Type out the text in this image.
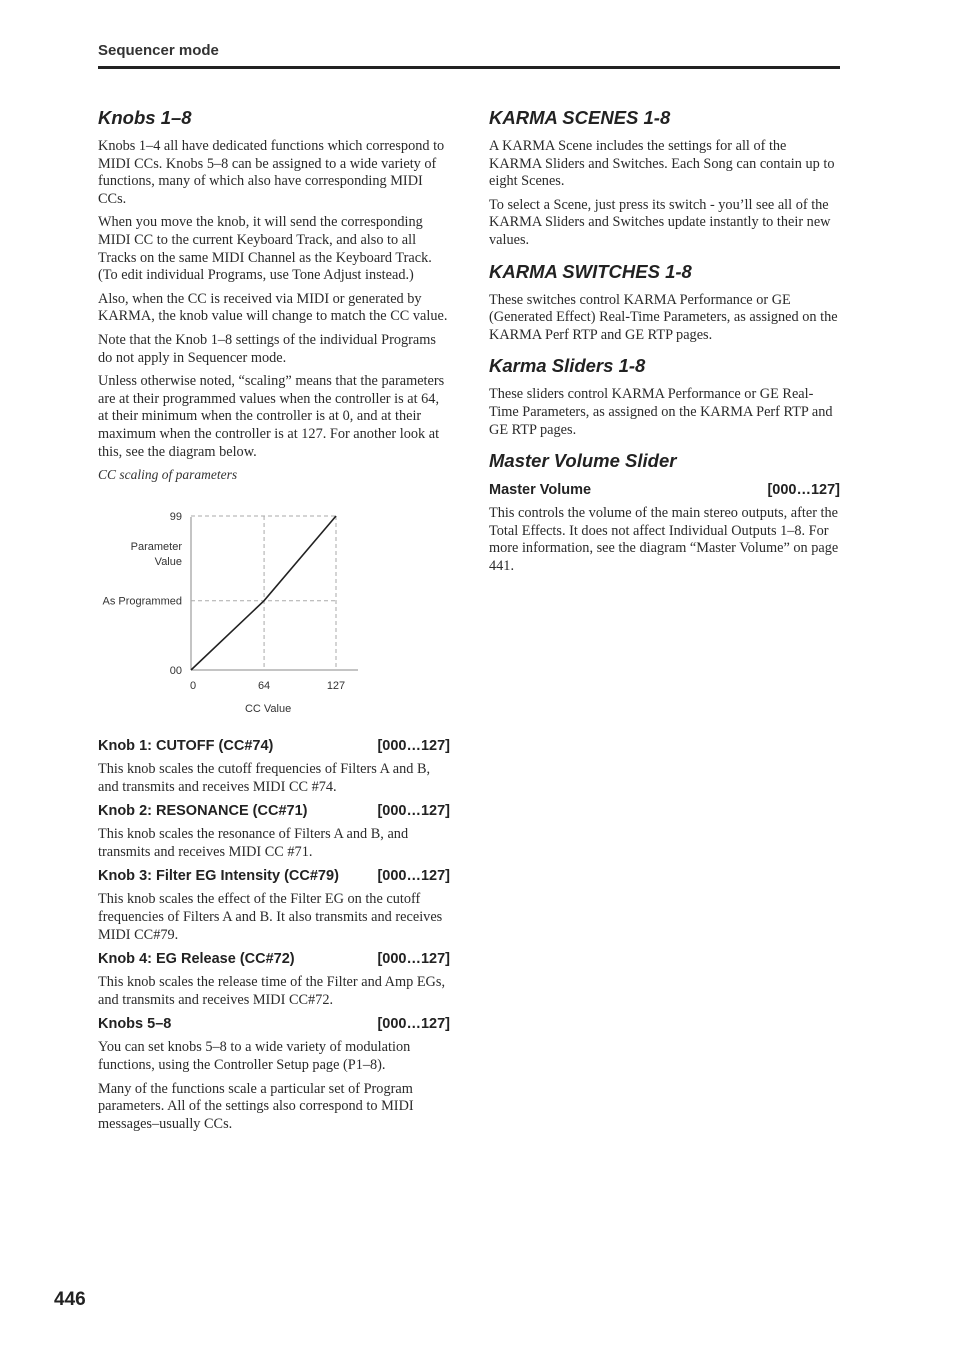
Sequencer mode
Knobs 1–8

Knobs 1–4 all have dedicated functions which correspond to MIDI CCs. Knobs 5–8 can be assigned to a wide variety of functions, many of which also have corresponding MIDI CCs.

When you move the knob, it will send the corresponding MIDI CC to the current Keyboard Track, and also to all Tracks on the same MIDI Channel as the Keyboard Track. (To edit individual Programs, use Tone Adjust instead.)

Also, when the CC is received via MIDI or generated by KARMA, the knob value will change to match the CC value.

Note that the Knob 1–8 settings of the individual Programs do not apply in Sequencer mode.

Unless otherwise noted, “scaling” means that the parameters are at their programmed values when the controller is at 64, at their minimum when the controller is at 0, and at their maximum when the controller is at 127. For another look at this, see the diagram below.

CC scaling of parameters
99
Parameter
Value
As Programmed
00
0	64	127
CC Value
Knob 1: CUTOFF (CC#74)	[000…127]

This knob scales the cutoff frequencies of Filters A and B, and transmits and receives MIDI CC #74.

Knob 2: RESONANCE (CC#71)	[000…127]

This knob scales the resonance of Filters A and B, and transmits and receives MIDI CC #71.

Knob 3: Filter EG Intensity (CC#79)	[000…127]

This knob scales the effect of the Filter EG on the cutoff frequencies of Filters A and B. It also transmits and receives MIDI CC#79.

Knob 4: EG Release (CC#72)	[000…127]

This knob scales the release time of the Filter and Amp EGs, and transmits and receives MIDI CC#72.

Knobs 5–8	[000…127]

You can set knobs 5–8 to a wide variety of modulation functions, using the Controller Setup page (P1–8).

Many of the functions scale a particular set of Program parameters. All of the settings also correspond to MIDI messages–usually CCs.

KARMA SCENES 1-8

A KARMA Scene includes the settings for all of the KARMA Sliders and Switches. Each Song can contain up to eight Scenes.

To select a Scene, just press its switch - you’ll see all of the KARMA Sliders and Switches update instantly to their new values.

KARMA SWITCHES 1-8

These switches control KARMA Performance or GE (Generated Effect) Real-Time Parameters, as assigned on the KARMA Perf RTP and GE RTP pages.

Karma Sliders 1-8

These sliders control KARMA Performance or GE Real-Time Parameters, as assigned on the KARMA Perf RTP and GE RTP pages.

Master Volume Slider
Master Volume	[000…127]

This controls the volume of the main stereo outputs, after the Total Effects. It does not affect Individual Outputs 1–8. For more information, see the diagram “Master Volume” on page 441.

446
